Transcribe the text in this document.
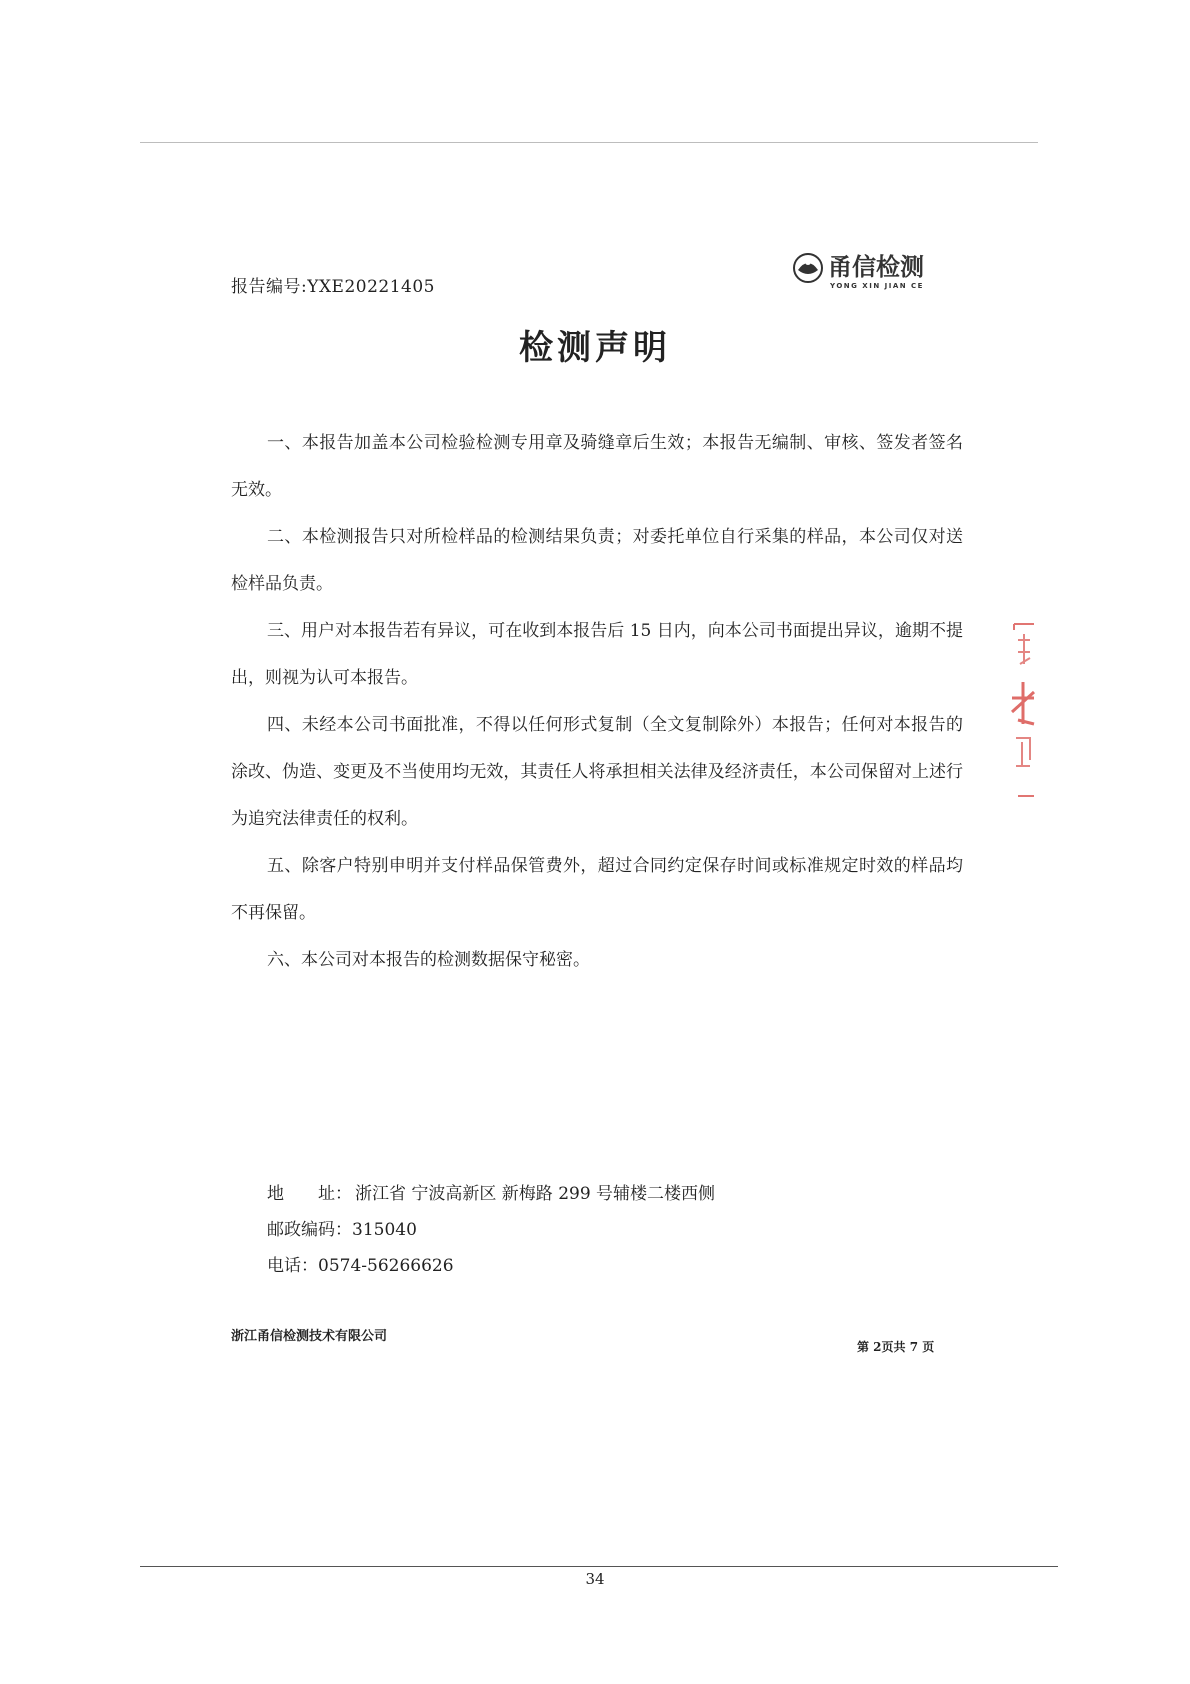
报告编号:YXE20221405
甬信检测
YONG XIN JIAN CE
检测声明

一、本报告加盖本公司检验检测专用章及骑缝章后生效；本报告无编制、审核、签发者签名无效。

二、本检测报告只对所检样品的检测结果负责；对委托单位自行采集的样品，本公司仅对送检样品负责。

三、用户对本报告若有异议，可在收到本报告后 15 日内，向本公司书面提出异议，逾期不提出，则视为认可本报告。

四、未经本公司书面批准，不得以任何形式复制（全文复制除外）本报告；任何对本报告的涂改、伪造、变更及不当使用均无效，其责任人将承担相关法律及经济责任，本公司保留对上述行为追究法律责任的权利。

五、除客户特别申明并支付样品保管费外，超过合同约定保存时间或标准规定时效的样品均不再保留。

六、本公司对本报告的检测数据保守秘密。

地　　址： 浙江省 宁波高新区 新梅路 299 号辅楼二楼西侧
邮政编码：315040
电话：0574-56266626
浙江甬信检测技术有限公司
第 2页共 7 页
34
